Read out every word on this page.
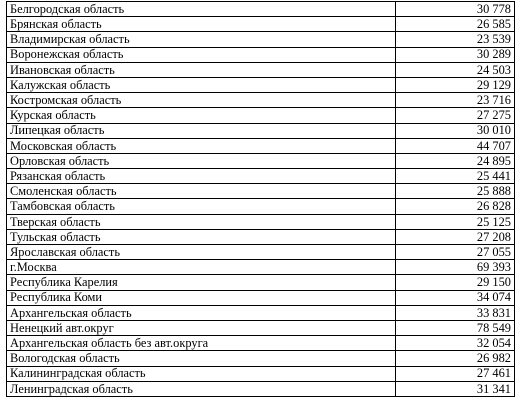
Белгородская область	30 778
Брянская область	26 585
Владимирская область	23 539
Воронежская область	30 289
Ивановская область	24 503
Калужская область	29 129
Костромская область	23 716
Курская область	27 275
Липецкая область	30 010
Московская область	44 707
Орловская область	24 895
Рязанская область	25 441
Смоленская область	25 888
Тамбовская область	26 828
Тверская область	25 125
Тульская область	27 208
Ярославская область	27 055
г.Москва	69 393
Республика Карелия	29 150
Республика Коми	34 074
Архангельская область	33 831
Ненецкий авт.округ	78 549
Архангельская область без авт.округа	32 054
Вологодская область	26 982
Калининградская область	27 461
Ленинградская область	31 341
